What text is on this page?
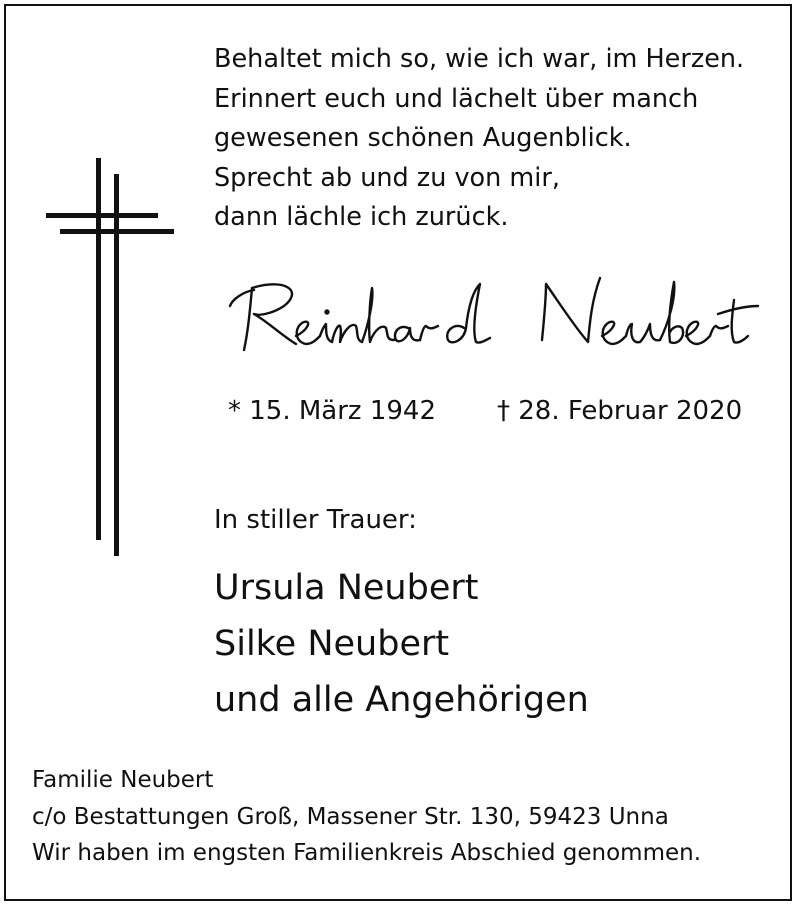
Behaltet mich so, wie ich war, im Herzen.
Erinnert euch und lächelt über manch
gewesenen schönen Augenblick.
Sprecht ab und zu von mir,
dann lächle ich zurück.
* 15. März 1942 † 28. Februar 2020
In stiller Trauer:
Ursula Neubert
Silke Neubert
und alle Angehörigen
Familie Neubert
c/o Bestattungen Groß, Massener Str. 130, 59423 Unna
Wir haben im engsten Familienkreis Abschied genommen.
